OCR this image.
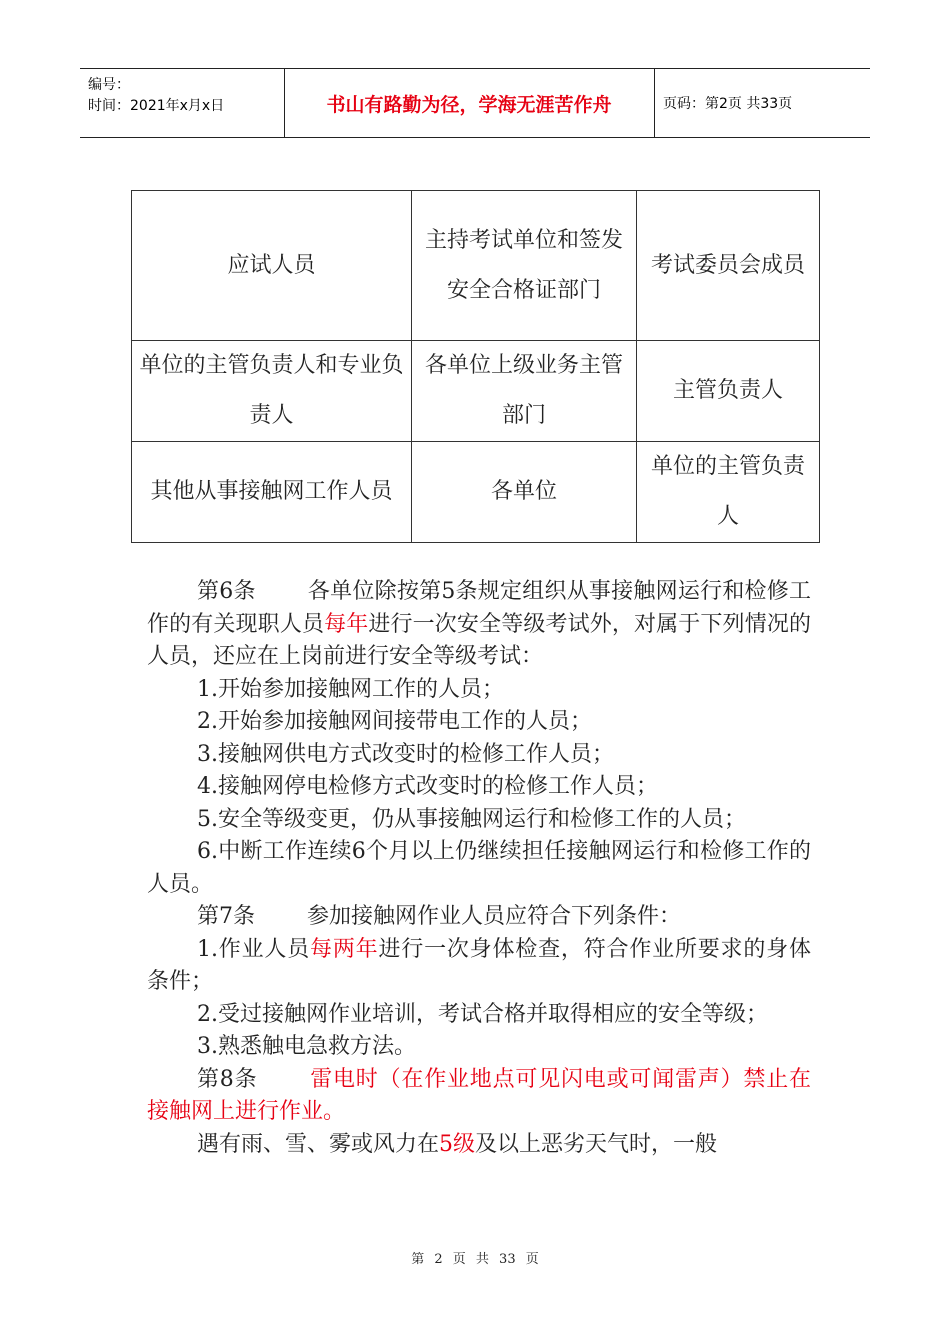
编号：
时间：2021年x月x日	书山有路勤为径，学海无涯苦作舟	页码：第2页 共33页
应试人员	主持考试单位和签发安全合格证部门	考试委员会成员
单位的主管负责人和专业负责人	各单位上级业务主管部门	主管负责人
其他从事接触网工作人员	各单位	单位的主管负责人

第6条 各单位除按第5条规定组织从事接触网运行和检修工作的有关现职人员每年进行一次安全等级考试外，对属于下列情况的人员，还应在上岗前进行安全等级考试：

1.开始参加接触网工作的人员；

2.开始参加接触网间接带电工作的人员；

3.接触网供电方式改变时的检修工作人员；

4.接触网停电检修方式改变时的检修工作人员；

5.安全等级变更，仍从事接触网运行和检修工作的人员；

6.中断工作连续6个月以上仍继续担任接触网运行和检修工作的人员。

第7条 参加接触网作业人员应符合下列条件：

1.作业人员每两年进行一次身体检查，符合作业所要求的身体条件；

2.受过接触网作业培训，考试合格并取得相应的安全等级；

3.熟悉触电急救方法。

第8条 雷电时（在作业地点可见闪电或可闻雷声）禁止在接触网上进行作业。

遇有雨、雪、雾或风力在5级及以上恶劣天气时，一般

第 2 页 共 33 页
